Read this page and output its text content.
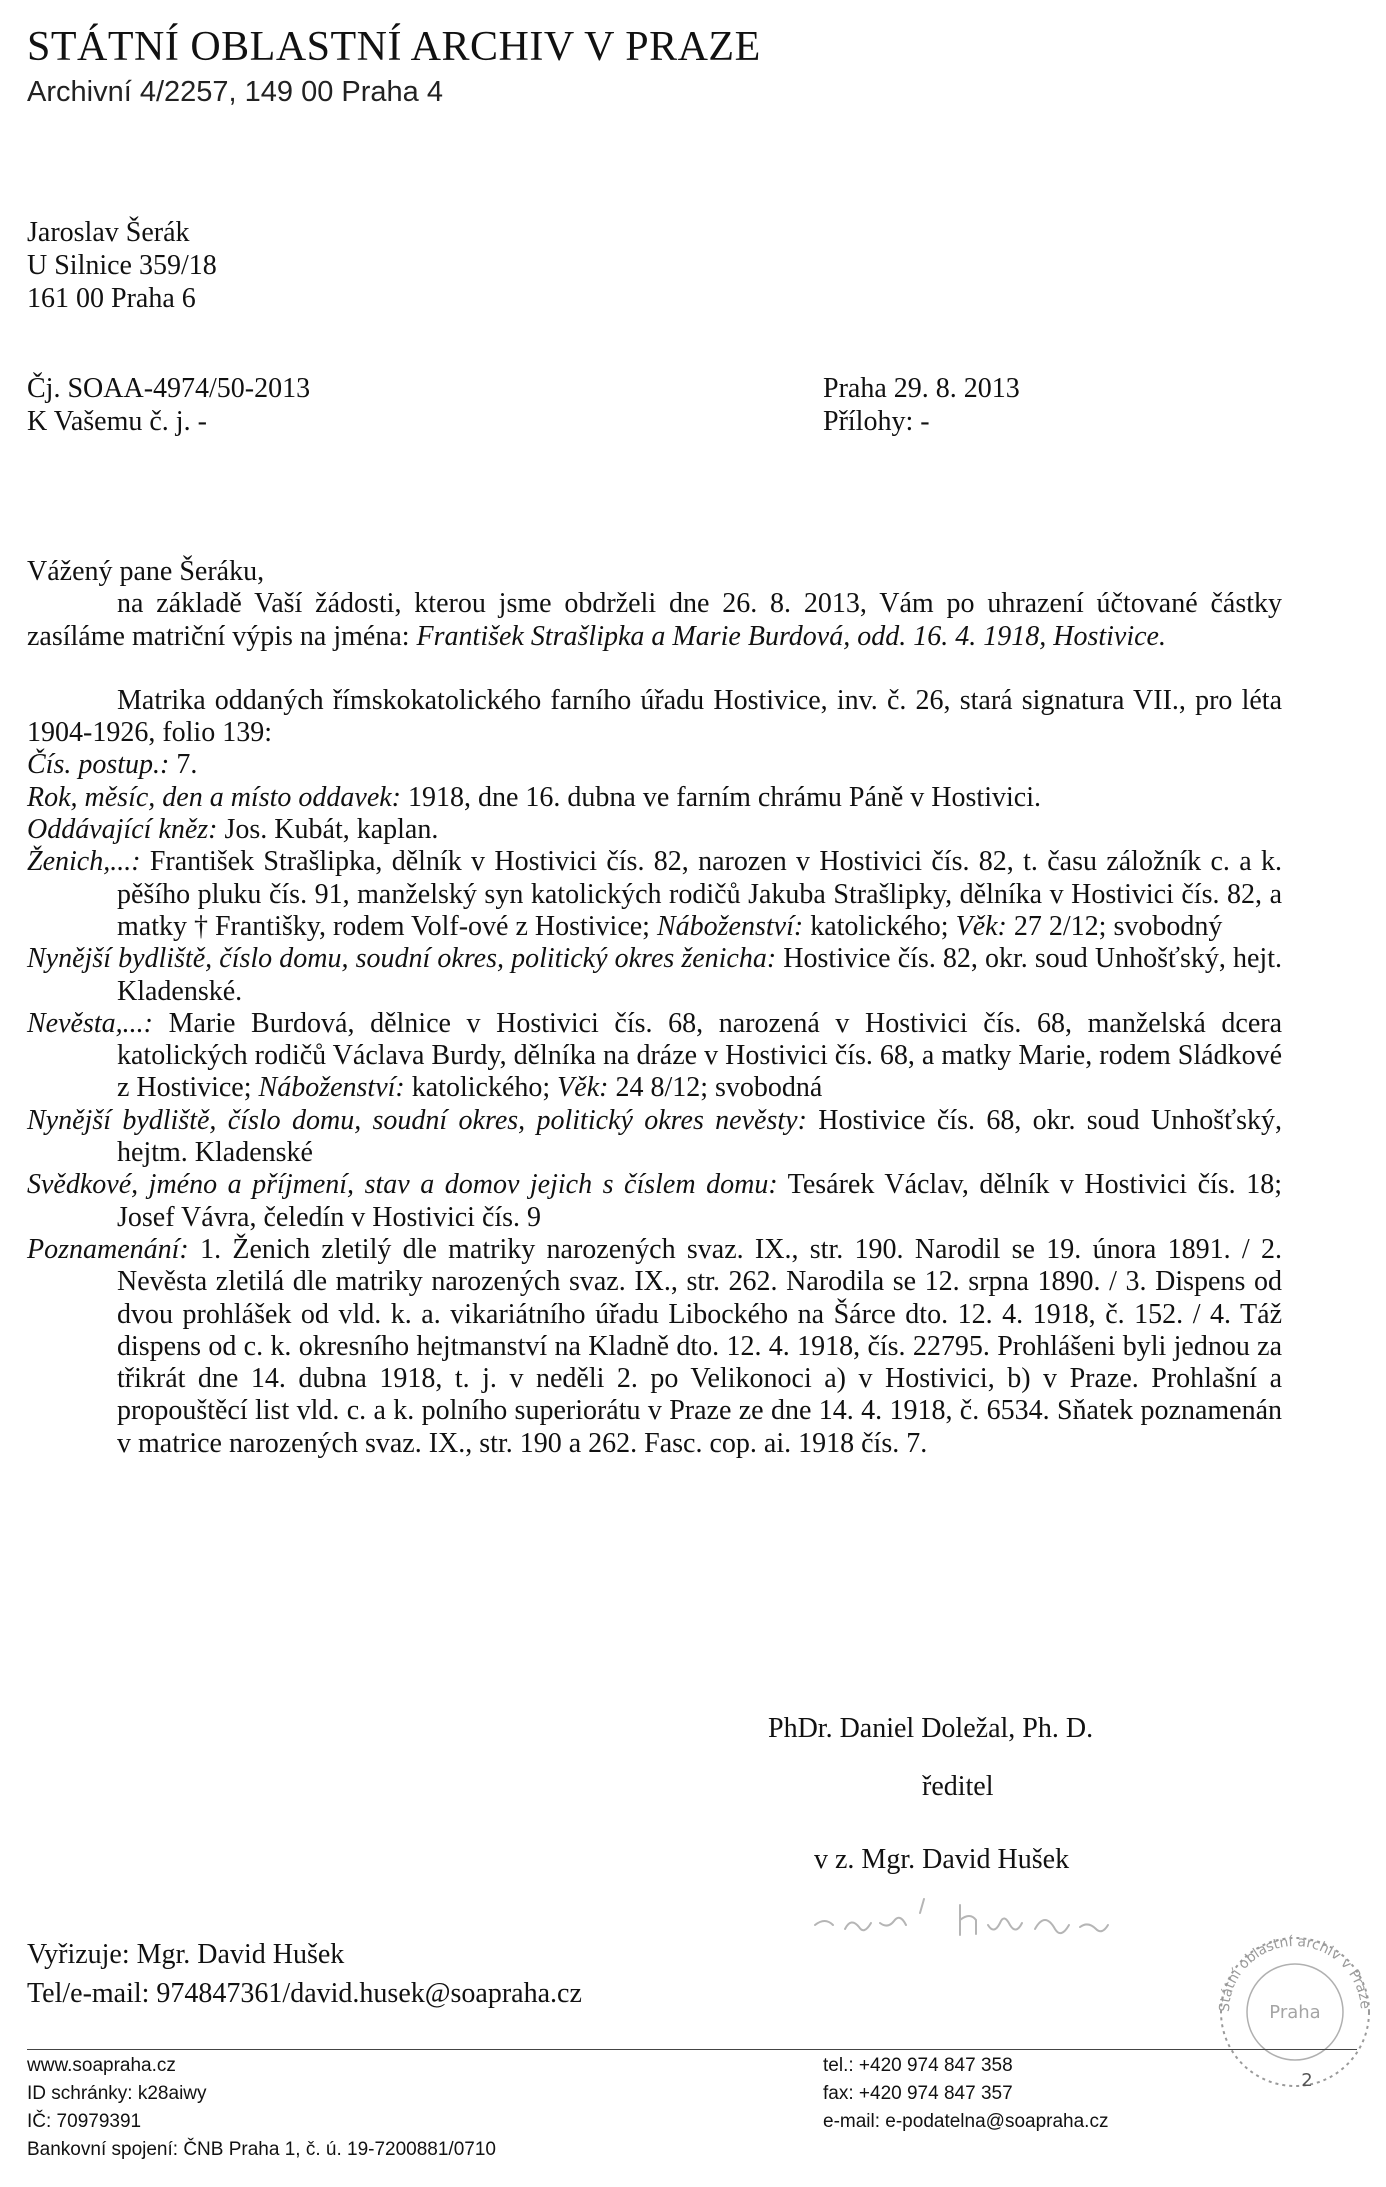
STÁTNÍ OBLASTNÍ ARCHIV V PRAZE
Archivní 4/2257, 149 00 Praha 4
Jaroslav Šerák
U Silnice 359/18
161 00 Praha 6
Čj. SOAA-4974/50-2013
K Vašemu č. j. -
Praha 29. 8. 2013
Přílohy: -

Vážený pane Šeráku,

na základě Vaší žádosti, kterou jsme obdrželi dne 26. 8. 2013, Vám po uhrazení účtované částky zasíláme matriční výpis na jména: František Strašlipka a Marie Burdová, odd. 16. 4. 1918, Hostivice.

Matrika oddaných římskokatolického farního úřadu Hostivice, inv. č. 26, stará signatura VII., pro léta 1904-1926, folio 139:

Čís. postup.: 7.

Rok, měsíc, den a místo oddavek: 1918, dne 16. dubna ve farním chrámu Páně v Hostivici.

Oddávající kněz: Jos. Kubát, kaplan.

Ženich,...: František Strašlipka, dělník v Hostivici čís. 82, narozen v Hostivici čís. 82, t. času záložník c. a k. pěšího pluku čís. 91, manželský syn katolických rodičů Jakuba Strašlipky, dělníka v Hostivici čís. 82, a matky † Františky, rodem Volf-ové z Hostivice; Náboženství: katolického; Věk: 27 2/12; svobodný

Nynější bydliště, číslo domu, soudní okres, politický okres ženicha: Hostivice čís. 82, okr. soud Unhošťský, hejt. Kladenské.

Nevěsta,...: Marie Burdová, dělnice v Hostivici čís. 68, narozená v Hostivici čís. 68, manželská dcera katolických rodičů Václava Burdy, dělníka na dráze v Hostivici čís. 68, a matky Marie, rodem Sládkové z Hostivice; Náboženství: katolického; Věk: 24 8/12; svobodná

Nynější bydliště, číslo domu, soudní okres, politický okres nevěsty: Hostivice čís. 68, okr. soud Unhošťský, hejtm. Kladenské

Svědkové, jméno a příjmení, stav a domov jejich s číslem domu: Tesárek Václav, dělník v Hostivici čís. 18; Josef Vávra, čeledín v Hostivici čís. 9

Poznamenání: 1. Ženich zletilý dle matriky narozených svaz. IX., str. 190. Narodil se 19. února 1891. / 2. Nevěsta zletilá dle matriky narozených svaz. IX., str. 262. Narodila se 12. srpna 1890. / 3. Dispens od dvou prohlášek od vld. k. a. vikariátního úřadu Libockého na Šárce dto. 12. 4. 1918, č. 152. / 4. Táž dispens od c. k. okresního hejtmanství na Kladně dto. 12. 4. 1918, čís. 22795. Prohlášeni byli jednou za třikrát dne 14. dubna 1918, t. j. v neděli 2. po Velikonoci a) v Hostivici, b) v Praze. Prohlašní a propouštěcí list vld. c. a k. polního superiorátu v Praze ze dne 14. 4. 1918, č. 6534. Sňatek poznamenán v matrice narozených svaz. IX., str. 190 a 262. Fasc. cop. ai. 1918 čís. 7.

PhDr. Daniel Doležal, Ph. D.
ředitel
v z. Mgr. David Hušek
Státní oblastní archiv v Praze
Praha
2
Vyřizuje: Mgr. David Hušek
Tel/e-mail: 974847361/david.husek@soapraha.cz
www.soapraha.cz
ID schránky: k28aiwy
IČ: 70979391
Bankovní spojení: ČNB Praha 1, č. ú. 19-7200881/0710
tel.: +420 974 847 358
fax: +420 974 847 357
e-mail: e-podatelna@soapraha.cz
